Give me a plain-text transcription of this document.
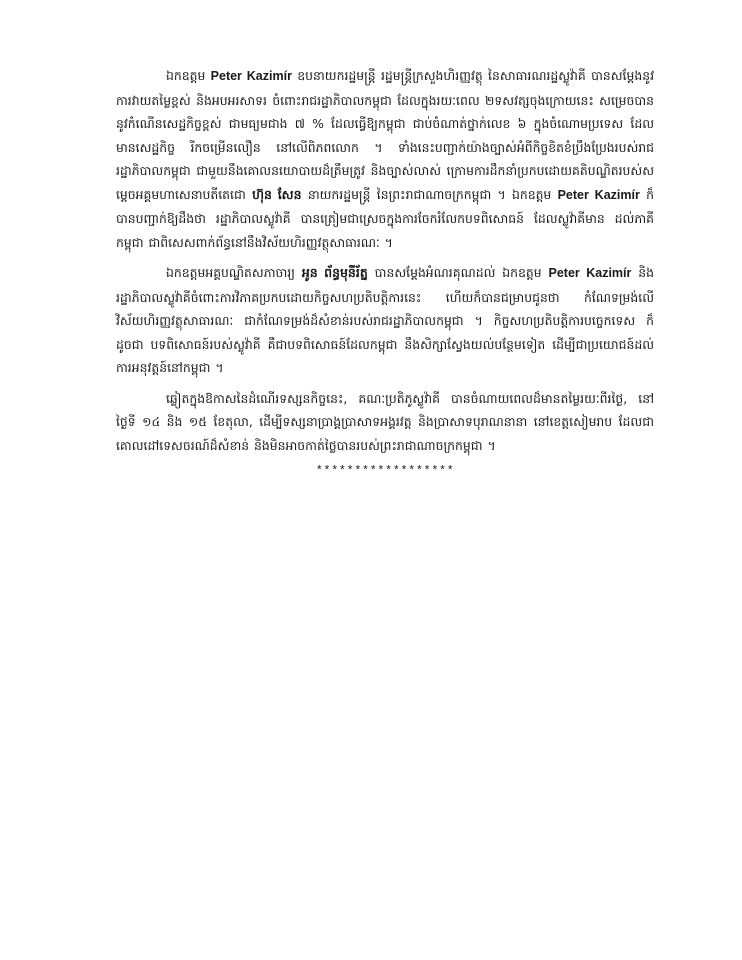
ឯកឧត្តម Peter Kazimír ឧបនាយករដ្ឋមន្ត្រី រដ្ឋមន្ត្រីក្រសួងហិរញ្ញវត្ថុ នៃសាធារណរដ្ឋស្លូវ៉ាគី បានសម្តែងនូវការវាយតម្លៃខ្ពស់ និងអបអរសាទរ ចំពោះរាជរដ្ឋាភិបាលកម្ពុជា ដែលក្នុងរយៈពេល ២ទសវត្សចុងក្រោយនេះ សម្រេចបាននូវកំណើនសេដ្ឋកិច្ចខ្ពស់ ជាមធ្យមជាង ៧ % ដែលធ្វើឱ្យកម្ពុជា ជាប់ចំណាត់ថ្នាក់លេខ ៦ ក្នុងចំណោមប្រទេស ដែលមានសេដ្ឋកិច្ច រីកចម្រើនលឿន នៅលើពិភពលោក ។ ទាំងនេះបញ្ជាក់យ៉ាងច្បាស់អំពីកិច្ចខិតខំប្រឹងប្រែងរបស់រាជរដ្ឋាភិបាលកម្ពុជា ជាមួយនឹងគោលនយោបាយដ៏ត្រឹមត្រូវ និងច្បាស់លាស់ ក្រោមការដឹកនាំប្រកបដោយគតិបណ្ឌិតរបស់សម្តេចអគ្គមហាសេនាបតីតេជោ ហ៊ុន សែន នាយករដ្ឋមន្ត្រី នៃព្រះរាជាណាចក្រកម្ពុជា ។ ឯកឧត្តម Peter Kazimír ក៏បានបញ្ជាក់ឱ្យដឹងថា រដ្ឋាភិបាលស្លូវ៉ាគី បានត្រៀមជាស្រេចក្នុងការចែករំលែកបទពិសោធន៍ ដែលស្លូវ៉ាគីមាន ដល់ភាគីកម្ពុជា ជាពិសេសពាក់ព័ន្ធនៅនឹងវិស័យហិរញ្ញវត្ថុសាធារណៈ ។

ឯកឧត្តមអគ្គបណ្ឌិតសភាចារ្យ អូន ព័ន្ធមុនីរ័ត្ន បានសម្តែងអំណរគុណដល់ ឯកឧត្តម Peter Kazimír និងរដ្ឋាភិបាលស្លូវ៉ាគីចំពោះការវិភាគប្រកបដោយកិច្ចសហប្រតិបត្តិការនេះ ហើយក៏បានជម្រាបជូនថា កំណែទម្រង់លើវិស័យហិរញ្ញវត្ថុសាធារណៈ ជាកំណែទម្រង់ដ៏សំខាន់របស់រាជរដ្ឋាភិបាលកម្ពុជា ។ កិច្ចសហប្រតិបត្តិការបច្ចេកទេស ក៏ដូចជា បទពិសោធន៍របស់ស្លូវ៉ាគី គឺជាបទពិសោធន៍ដែលកម្ពុជា នឹងសិក្សាស្វែងយល់បន្ថែមទៀត ដើម្បីជាប្រយោជន៍ដល់ការអនុវត្តន៍នៅកម្ពុជា ។

ឆ្លៀតក្នុងឱកាសនៃដំណើរទស្សនកិច្ចនេះ, គណៈប្រតិភូស្លូវ៉ាគី បានចំណាយពេលដ៏មានតម្លៃរយៈពីរថ្ងៃ, នៅថ្ងៃទី ១៤ និង ១៥ ខែតុលា, ដើម្បីទស្សនាប្រាង្គប្រាសាទអង្គរវត្ត និងប្រាសាទបុរាណនានា នៅខេត្តសៀមរាប ដែលជាគោលដៅទេសចរណ៍ដ៏សំខាន់ និងមិនអាចកាត់ថ្លៃបានរបស់ព្រះរាជាណាចក្រកម្ពុជា ។

******************
